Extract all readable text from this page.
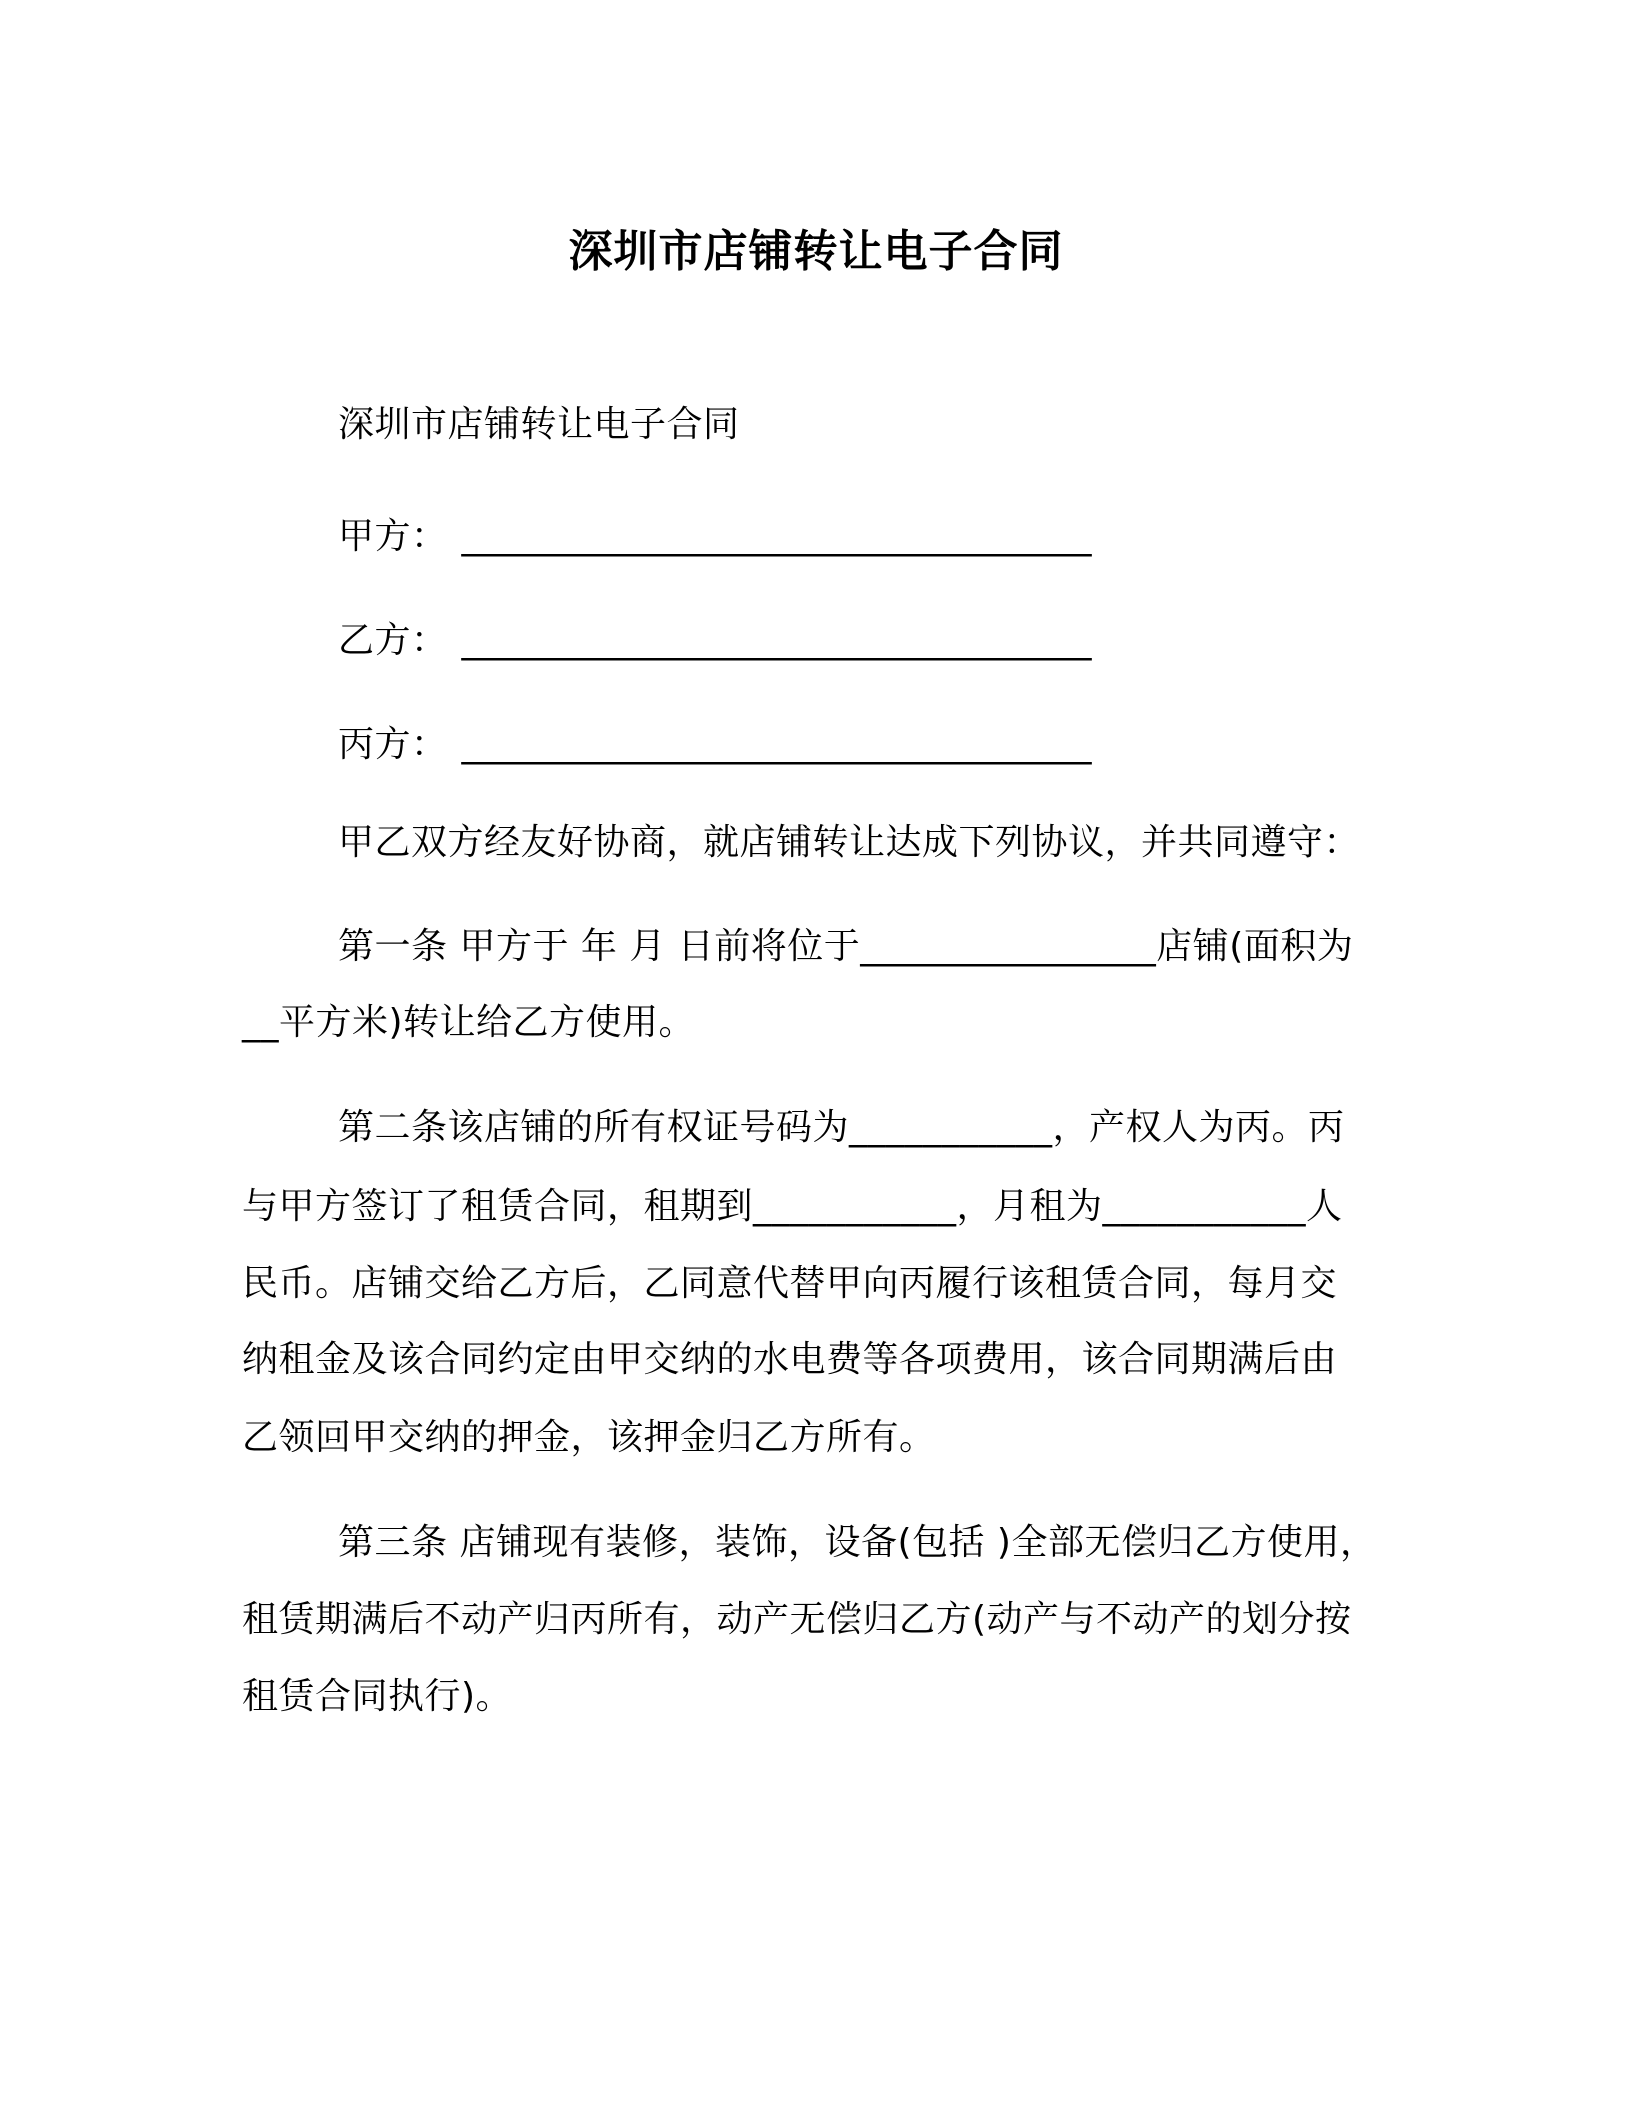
深圳市店铺转让电子合同
深圳市店铺转让电子合同
甲方： ___________________________________
乙方： ___________________________________
丙方： ___________________________________
甲乙双方经友好协商，就店铺转让达成下列协议，并共同遵守：
第一条 甲方于 年 月 日前将位于________________店铺(面积为
__平方米)转让给乙方使用。
第二条该店铺的所有权证号码为___________，产权人为丙。丙
与甲方签订了租赁合同，租期到___________，月租为___________人
民币。店铺交给乙方后，乙同意代替甲向丙履行该租赁合同，每月交
纳租金及该合同约定由甲交纳的水电费等各项费用，该合同期满后由
乙领回甲交纳的押金，该押金归乙方所有。
第三条 店铺现有装修，装饰，设备(包括 )全部无偿归乙方使用，
租赁期满后不动产归丙所有，动产无偿归乙方(动产与不动产的划分按
租赁合同执行)。
